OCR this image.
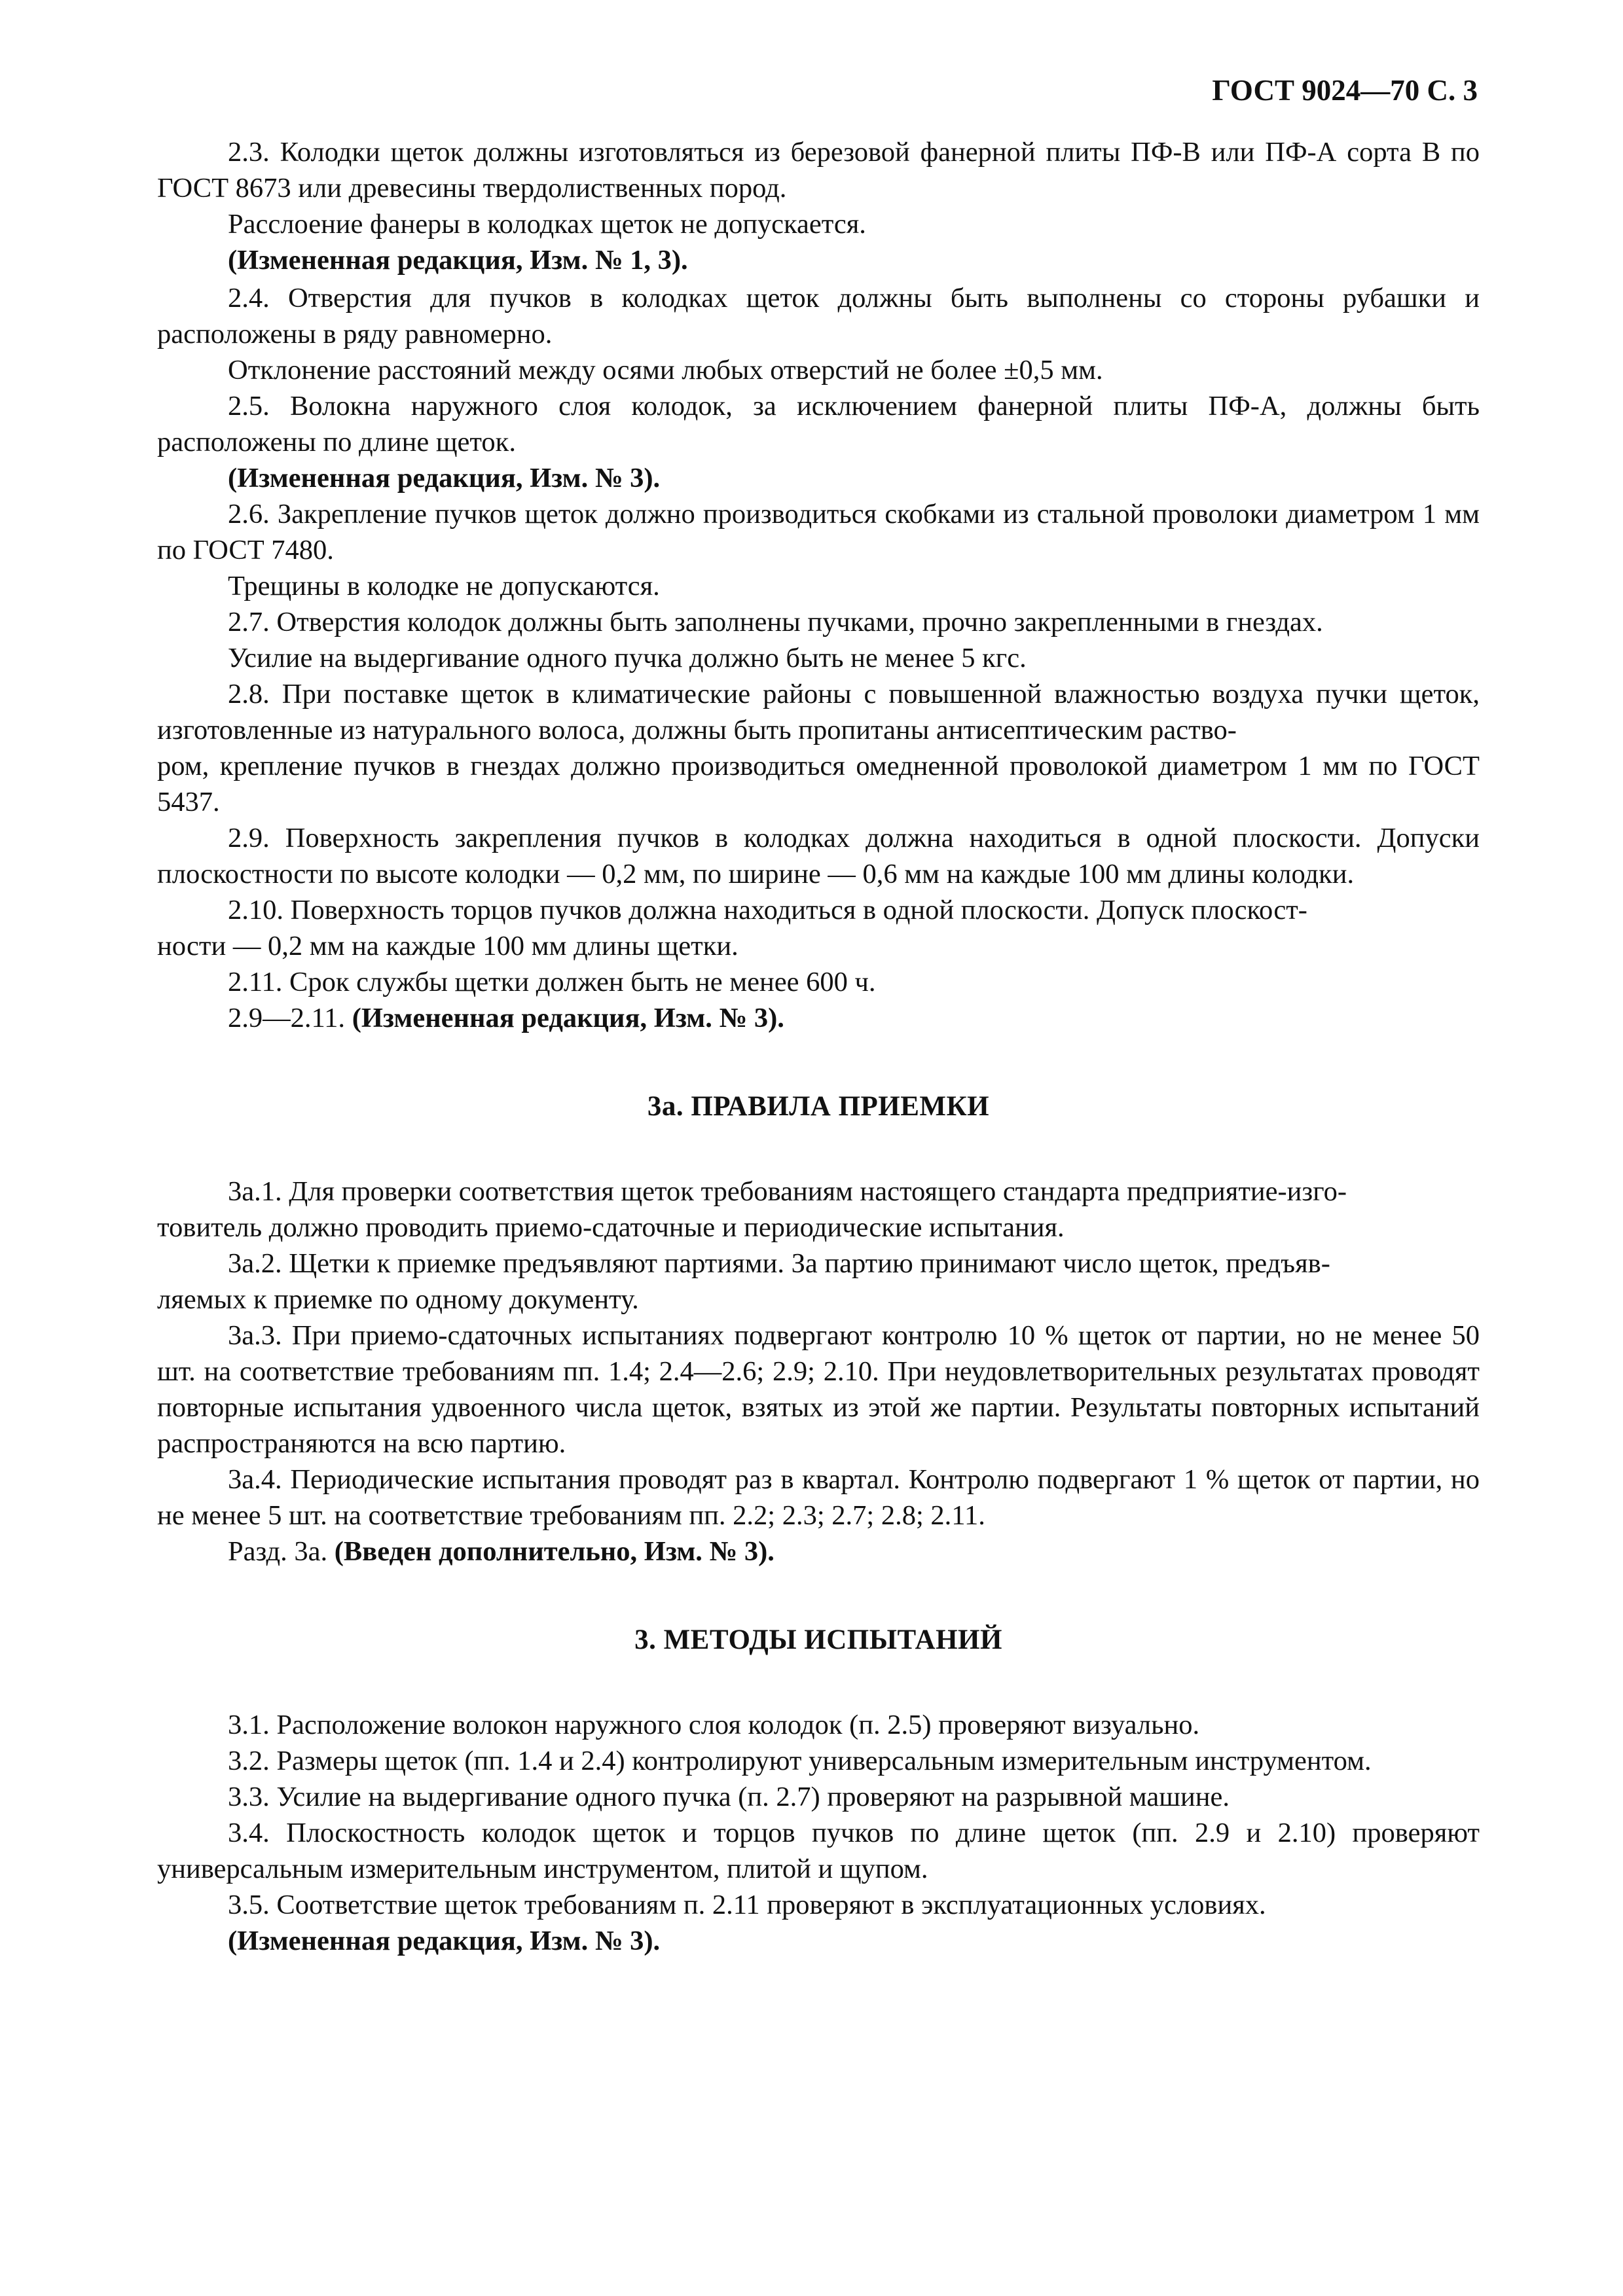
ГОСТ 9024—70 С. 3

2.3. Колодки щеток должны изготовляться из березовой фанерной плиты ПФ-В или ПФ-А сорта В по ГОСТ 8673 или древесины твердолиственных пород.

Расслоение фанеры в колодках щеток не допускается.

(Измененная редакция, Изм. № 1, 3).

2.4. Отверстия для пучков в колодках щеток должны быть выполнены со стороны рубашки и расположены в ряду равномерно.

Отклонение расстояний между осями любых отверстий не более ±0,5 мм.

2.5. Волокна наружного слоя колодок, за исключением фанерной плиты ПФ-А, должны быть расположены по длине щеток.

(Измененная редакция, Изм. № 3).

2.6. Закрепление пучков щеток должно производиться скобками из стальной проволоки диаметром 1 мм по ГОСТ 7480.

Трещины в колодке не допускаются.

2.7. Отверстия колодок должны быть заполнены пучками, прочно закрепленными в гнездах.

Усилие на выдергивание одного пучка должно быть не менее 5 кгс.

2.8. При поставке щеток в климатические районы с повышенной влажностью воздуха пучки щеток, изготовленные из натурального волоса, должны быть пропитаны антисептическим раство-
ром, крепление пучков в гнездах должно производиться омедненной проволокой диаметром 1 мм по ГОСТ 5437.

2.9. Поверхность закрепления пучков в колодках должна находиться в одной плоскости. Допуски плоскостности по высоте колодки — 0,2 мм, по ширине — 0,6 мм на каждые 100 мм длины колодки.

2.10. Поверхность торцов пучков должна находиться в одной плоскости. Допуск плоскост-
ности — 0,2 мм на каждые 100 мм длины щетки.

2.11. Срок службы щетки должен быть не менее 600 ч.

2.9—2.11. (Измененная редакция, Изм. № 3).

3а. ПРАВИЛА ПРИЕМКИ

3а.1. Для проверки соответствия щеток требованиям настоящего стандарта предприятие-изго-
товитель должно проводить приемо-сдаточные и периодические испытания.

3а.2. Щетки к приемке предъявляют партиями. За партию принимают число щеток, предъяв-
ляемых к приемке по одному документу.

3а.3. При приемо-сдаточных испытаниях подвергают контролю 10 % щеток от партии, но не менее 50 шт. на соответствие требованиям пп. 1.4; 2.4—2.6; 2.9; 2.10. При неудовлетворительных результатах проводят повторные испытания удвоенного числа щеток, взятых из этой же партии. Результаты повторных испытаний распространяются на всю партию.

3а.4. Периодические испытания проводят раз в квартал. Контролю подвергают 1 % щеток от партии, но не менее 5 шт. на соответствие требованиям пп. 2.2; 2.3; 2.7; 2.8; 2.11.

Разд. 3а. (Введен дополнительно, Изм. № 3).

3. МЕТОДЫ ИСПЫТАНИЙ

3.1. Расположение волокон наружного слоя колодок (п. 2.5) проверяют визуально.

3.2. Размеры щеток (пп. 1.4 и 2.4) контролируют универсальным измерительным инструментом.

3.3. Усилие на выдергивание одного пучка (п. 2.7) проверяют на разрывной машине.

3.4. Плоскостность колодок щеток и торцов пучков по длине щеток (пп. 2.9 и 2.10) проверяют универсальным измерительным инструментом, плитой и щупом.

3.5. Соответствие щеток требованиям п. 2.11 проверяют в эксплуатационных условиях.

(Измененная редакция, Изм. № 3).
